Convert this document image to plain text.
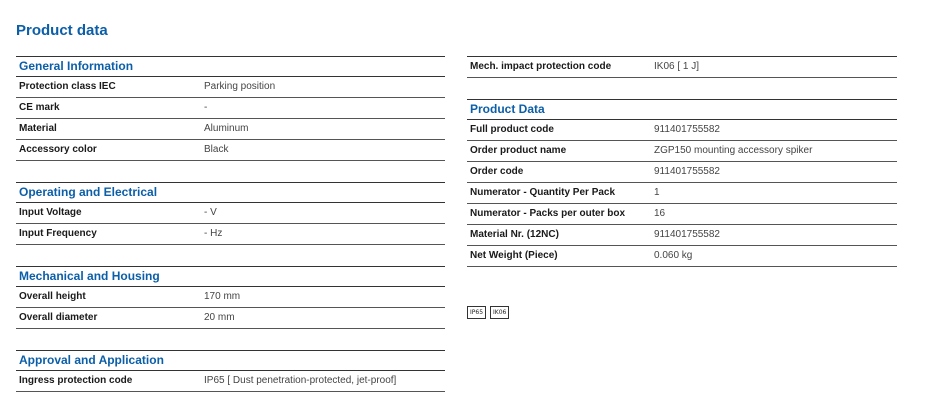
Product data
General Information
Protection class IEC	Parking position
CE mark	-
Material	Aluminum
Accessory color	Black
Operating and Electrical
Input Voltage	- V
Input Frequency	- Hz
Mechanical and Housing
Overall height	170 mm
Overall diameter	20 mm
Approval and Application
Ingress protection code	IP65 [ Dust penetration-protected, jet-proof]
Mech. impact protection code	IK06 [ 1 J]
Product Data
Full product code	911401755582
Order product name	ZGP150 mounting accessory spiker
Order code	911401755582
Numerator - Quantity Per Pack	1
Numerator - Packs per outer box	16
Material Nr. (12NC)	911401755582
Net Weight (Piece)	0.060 kg
IP65	IK06
